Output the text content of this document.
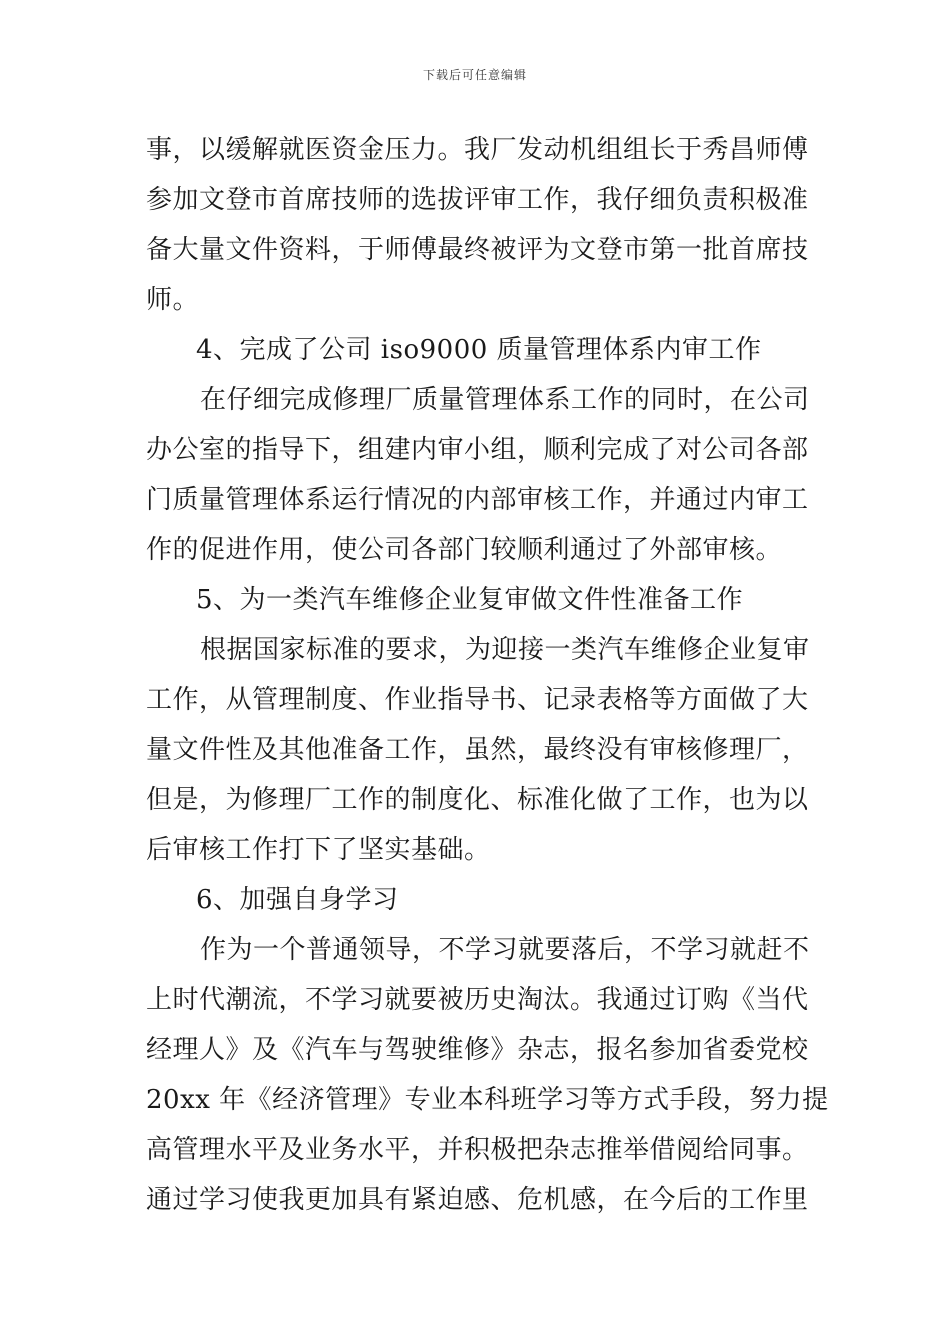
下载后可任意编辑
事，以缓解就医资金压力。我厂发动机组组长于秀昌师傅
参加文登市首席技师的选拔评审工作，我仔细负责积极准
备大量文件资料，于师傅最终被评为文登市第一批首席技
师。
4、完成了公司 iso9000 质量管理体系内审工作
在仔细完成修理厂质量管理体系工作的同时，在公司
办公室的指导下，组建内审小组，顺利完成了对公司各部
门质量管理体系运行情况的内部审核工作，并通过内审工
作的促进作用，使公司各部门较顺利通过了外部审核。
5、为一类汽车维修企业复审做文件性准备工作
根据国家标准的要求，为迎接一类汽车维修企业复审
工作，从管理制度、作业指导书、记录表格等方面做了大
量文件性及其他准备工作，虽然，最终没有审核修理厂，
但是，为修理厂工作的制度化、标准化做了工作，也为以
后审核工作打下了坚实基础。
6、加强自身学习
作为一个普通领导，不学习就要落后，不学习就赶不
上时代潮流，不学习就要被历史淘汰。我通过订购《当代
经理人》及《汽车与驾驶维修》杂志，报名参加省委党校
20xx 年《经济管理》专业本科班学习等方式手段，努力提
高管理水平及业务水平，并积极把杂志推举借阅给同事。
通过学习使我更加具有紧迫感、危机感，在今后的工作里
